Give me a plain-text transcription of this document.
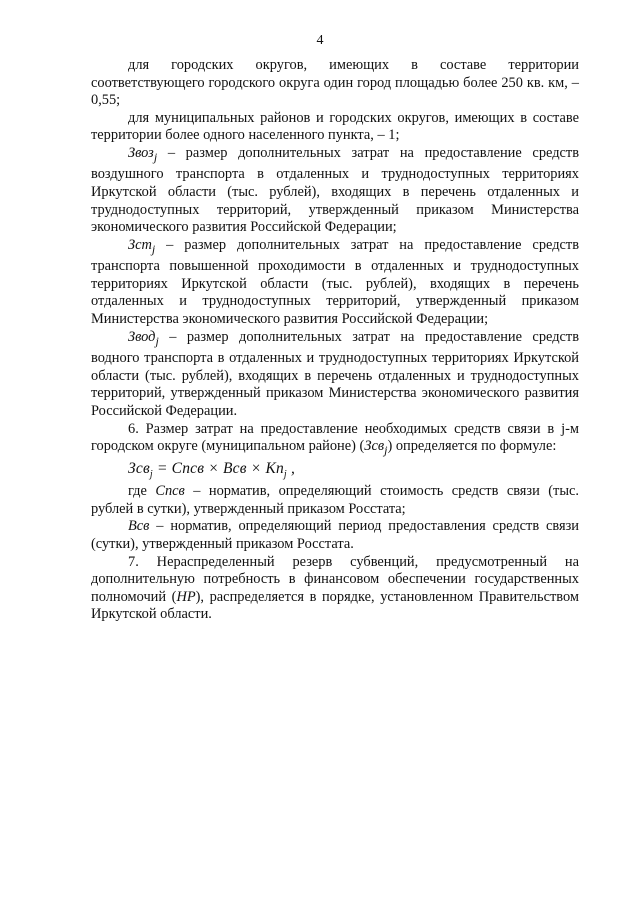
4

для городских округов, имеющих в составе территории соответствующего городского округа один город площадью более 250 кв. км, – 0,55;

для муниципальных районов и городских округов, имеющих в составе территории более одного населенного пункта, – 1;

Звоз$_j$ – размер дополнительных затрат на предоставление средств воздушного транспорта в отдаленных и труднодоступных территориях Иркутской области (тыс. рублей), входящих в перечень отдаленных и труднодоступных территорий, утвержденный приказом Министерства экономического развития Российской Федерации;

Зст$_j$ – размер дополнительных затрат на предоставление средств транспорта повышенной проходимости в отдаленных и труднодоступных территориях Иркутской области (тыс. рублей), входящих в перечень отдаленных и труднодоступных территорий, утвержденный приказом Министерства экономического развития Российской Федерации;

Звод$_j$ – размер дополнительных затрат на предоставление средств водного транспорта в отдаленных и труднодоступных территориях Иркутской области (тыс. рублей), входящих в перечень отдаленных и труднодоступных территорий, утвержденный приказом Министерства экономического развития Российской Федерации.

6. Размер затрат на предоставление необходимых средств связи в j-м городском округе (муниципальном районе) (Зсв$_j$) определяется по формуле:

Зсв$_j$ = Спсв × Всв × $Кп_j$ ,

где Спсв – норматив, определяющий стоимость средств связи (тыс. рублей в сутки), утвержденный приказом Росстата;

Всв – норматив, определяющий период предоставления средств связи (сутки), утвержденный приказом Росстата.

7. Нераспределенный резерв субвенций, предусмотренный на дополнительную потребность в финансовом обеспечении государственных полномочий (НР), распределяется в порядке, установленном Правительством Иркутской области.
